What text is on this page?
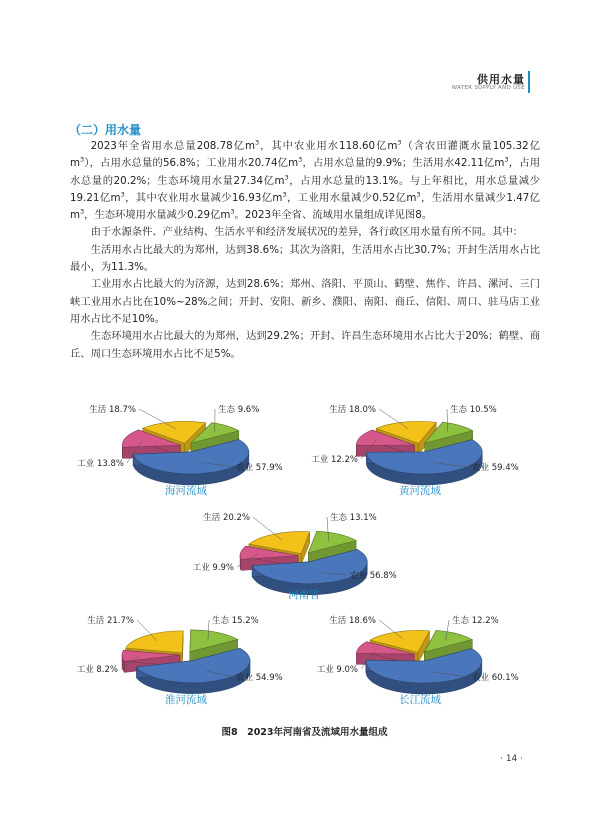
供用水量
WATER SUPPLY AND USE
（二）用水量

2023年全省用水总量208.78亿$m^3$，其中农业用水118.60亿$m^3$（含农田灌溉水量105.32亿$m^3$），占用水总量的56.8%；工业用水20.74亿$m^3$，占用水总量的9.9%；生活用水42.11亿$m^3$，占用水总量的20.2%；生态环境用水量27.34亿$m^3$，占用水总量的13.1%。与上年相比，用水总量减少19.21亿$m^3$，其中农业用水量减少16.93亿$m^3$，工业用水量减少0.52亿$m^3$，生活用水量减少1.47亿$m^3$，生态环境用水量减少0.29亿$m^3$。2023年全省、流域用水量组成详见图8。

由于水源条件、产业结构、生活水平和经济发展状况的差异，各行政区用水量有所不同。其中：

生活用水占比最大的为郑州，达到38.6%；其次为洛阳，生活用水占比30.7%；开封生活用水占比最小，为11.3%。

工业用水占比最大的为济源，达到28.6%；郑州、洛阳、平顶山、鹤壁、焦作、许昌、漯河、三门峡工业用水占比在10%~28%之间；开封、安阳、新乡、濮阳、南阳、商丘、信阳、周口、驻马店工业用水占比不足10%。

生态环境用水占比最大的为郑州，达到29.2%；开封、许昌生态环境用水占比大于20%；鹤壁、商丘、周口生态环境用水占比不足5%。

农业 57.9%
生活 18.7%	生态 9.6%
工业 13.8%
海河流域
农业 59.4%
生活 18.0%	生态 10.5%
工业 12.2%
黄河流域
农业 56.8%
生活 20.2%	生态 13.1%
工业 9.9%
河南省
农业 54.9%
生活 21.7%	生态 15.2%
工业 8.2%
淮河流域
农业 60.1%
生活 18.6%	生态 12.2%
工业 9.0%
长江流域
图8　2023年河南省及流域用水量组成
· 14 ·
